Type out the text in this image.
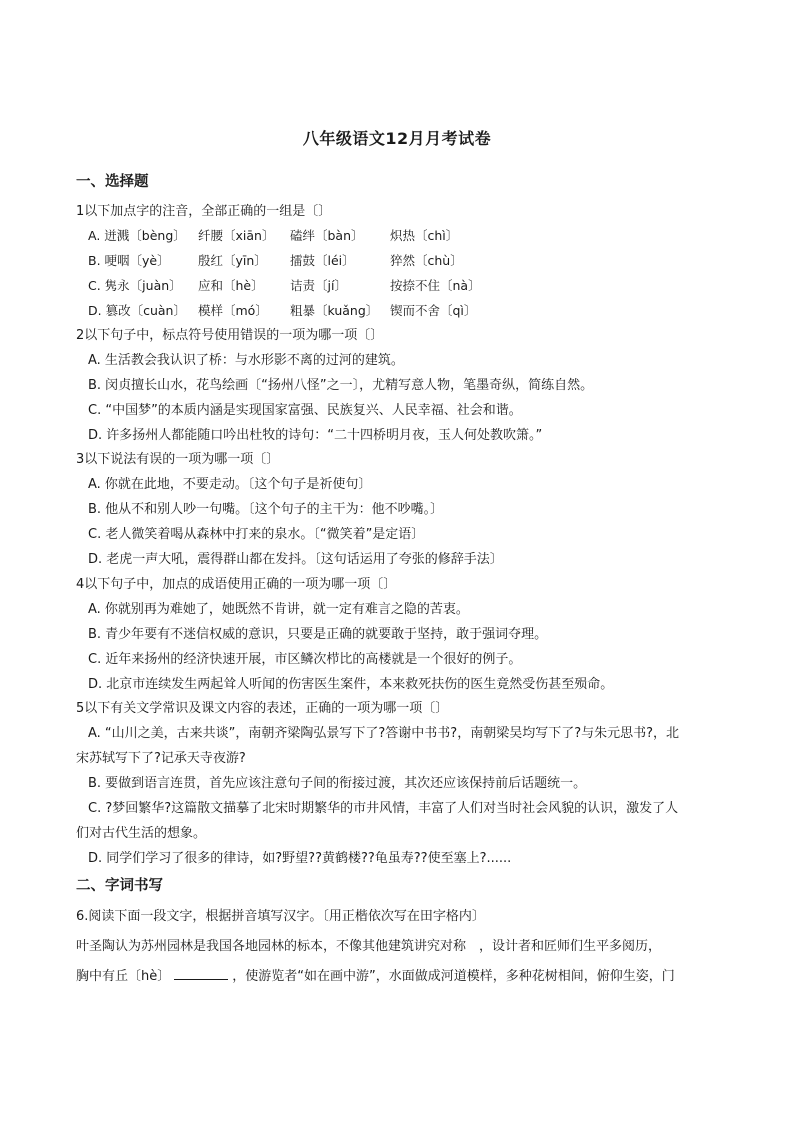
八年级语文12月月考试卷
一、选择题
1以下加点字的注音，全部正确的一组是〔〕
A. 迸溅〔bèng〕 纤腰〔xiān〕 磕绊〔bàn〕 炽热〔chì〕
B. 哽咽〔yè〕 殷红〔yīn〕 擂鼓〔léi〕	猝然〔chù〕
C. 隽永〔juàn〕 应和〔hè〕 诘责〔jí〕	按捺不住〔nà〕
D. 篡改〔cuàn〕 模样〔mó〕 粗暴〔kuǎng〕 锲而不舍〔qì〕
2以下句子中，标点符号使用错误的一项为哪一项〔〕
A. 生活教会我认识了桥：与水形影不离的过河的建筑。
B. 闵贞擅长山水，花鸟绘画〔“扬州八怪”之一〕，尤精写意人物，笔墨奇纵，简练自然。
C. “中国梦”的本质内涵是实现国家富强、民族复兴、人民幸福、社会和谐。
D. 许多扬州人都能随口吟出杜牧的诗句：“二十四桥明月夜，玉人何处教吹箫。”
3以下说法有误的一项为哪一项〔〕
A. 你就在此地，不要走动。〔这个句子是祈使句〕
B. 他从不和别人吵一句嘴。〔这个句子的主干为：他不吵嘴。〕
C. 老人微笑着喝从森林中打来的泉水。〔“微笑着”是定语〕
D. 老虎一声大吼，震得群山都在发抖。〔这句话运用了夸张的修辞手法〕
4以下句子中，加点的成语使用正确的一项为哪一项〔〕
A. 你就别再为难她了，她既然不肯讲，就一定有难言之隐的苦衷。
B. 青少年要有不迷信权威的意识，只要是正确的就要敢于坚持，敢于强词夺理。
C. 近年来扬州的经济快速开展，市区鳞次栉比的高楼就是一个很好的例子。
D. 北京市连续发生两起耸人听闻的伤害医生案件，本来救死扶伤的医生竟然受伤甚至殒命。
5以下有关文学常识及课文内容的表述，正确的一项为哪一项〔〕
A. “山川之美，古来共谈”，南朝齐梁陶弘景写下了?答谢中书书?，南朝梁吴均写下了?与朱元思书?，北
宋苏轼写下了?记承天寺夜游?
B. 要做到语言连贯，首先应该注意句子间的衔接过渡，其次还应该保持前后话题统一。
C. ?梦回繁华?这篇散文描摹了北宋时期繁华的市井风情，丰富了人们对当时社会风貌的认识，激发了人
们对古代生活的想象。
D. 同学们学习了很多的律诗，如?野望??黄鹤楼??龟虽寿??使至塞上?......
二、字词书写
6.阅读下面一段文字，根据拼音填写汉字。〔用正楷依次写在田字格内〕
叶圣陶认为苏州园林是我国各地园林的标本，不像其他建筑讲究对称　，设计者和匠师们生平多阅历，
胸中有丘〔hè〕	，使游览者“如在画中游”，水面做成河道模样，多种花树相间，俯仰生姿，门
